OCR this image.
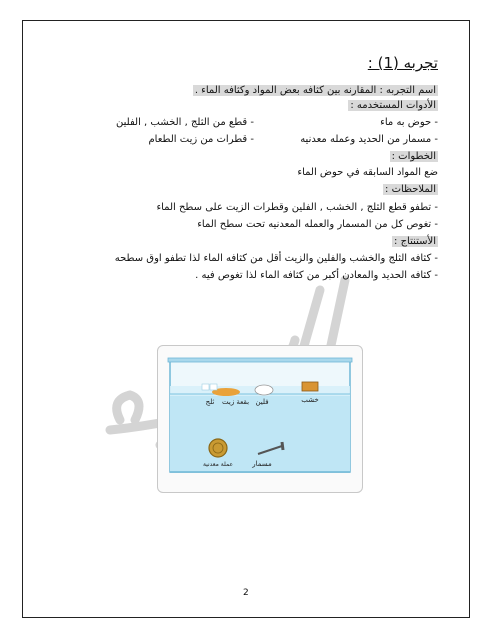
تجربه (1) :
اسم التجربه : المقارنه بين كثافه بعض المواد وكثافه الماء .
الأدوات المستخدمه :
- حوض به ماء
- قطع من الثلج , الخشب , الفلين
- مسمار من الحديد وعمله معدنيه
- قطرات من زيت الطعام
الخطوات :
ضع المواد السابقه في حوض الماء
الملاحظات :
- تطفو قطع الثلج , الخشب , الفلين وقطرات الزيت على سطح الماء
- تغوص كل من المسمار والعمله المعدنيه تحت سطح الماء
الأستنتاج :
- كثافه الثلج والخشب والفلين والزيت أقل من كثافه الماء لذا تطفو اوق سطحه
- كثافه الحديد والمعادن أكبر من كثافه الماء لذا تغوص فيه .
ثلج بقعة زيت فلين	خشب
عملة معدنية	مسمار
2
